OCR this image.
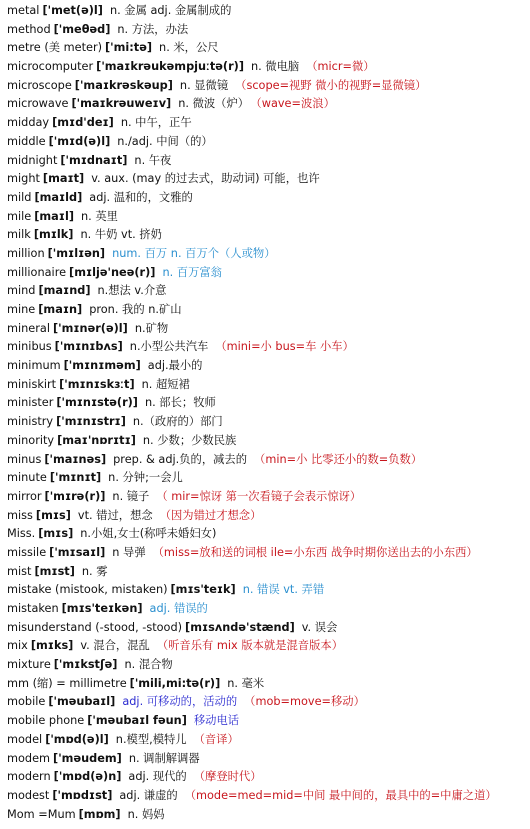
metal ['met(ə)l] n. 金属 adj. 金属制成的
method ['meθəd] n. 方法，办法
metre (美 meter) ['mi:tə] n. 米，公尺
microcomputer ['maɪkrəukəmpjuːtə(r)] n. 微电脑 （micr=微）
microscope ['maɪkrəskəup] n. 显微镜 （scope=视野 微小的视野=显微镜）
microwave ['maɪkrəuweɪv] n. 微波（炉） （wave=波浪）
midday [mɪd'deɪ] n. 中午，正午
middle ['mɪd(ə)l] n./adj. 中间（的）
midnight ['mɪdnaɪt] n. 午夜
might [maɪt] v. aux. (may 的过去式，助动词) 可能，也许
mild [maɪld] adj. 温和的，文雅的
mile [maɪl] n. 英里
milk [mɪlk] n. 牛奶 vt. 挤奶
million ['mɪlɪən] num. 百万 n. 百万个（人或物）
millionaire [mɪljə'neə(r)] n. 百万富翁
mind [maɪnd] n.想法 v.介意
mine [maɪn] pron. 我的 n.矿山
mineral ['mɪnər(ə)l] n.矿物
minibus ['mɪnɪbʌs] n.小型公共汽车 （mini=小 bus=车 小车）
minimum ['mɪnɪməm] adj.最小的
miniskirt ['mɪnɪskɜːt] n. 超短裙
minister ['mɪnɪstə(r)] n. 部长；牧师
ministry ['mɪnɪstrɪ] n.（政府的）部门
minority [maɪ'nɒrɪtɪ] n. 少数；少数民族
minus ['maɪnəs] prep. & adj.负的，减去的 （min=小 比零还小的数=负数）
minute ['mɪnɪt] n. 分钟;一会儿
mirror ['mɪrə(r)] n. 镜子 （ mir=惊讶 第一次看镜子会表示惊讶）
miss [mɪs] vt. 错过，想念 （因为错过才想念）
Miss. [mɪs] n.小姐,女士(称呼未婚妇女)
missile ['mɪsaɪl] n 导弹 （miss=放和送的词根 ile=小东西 战争时期你送出去的小东西）
mist [mɪst] n. 雾
mistake (mistook, mistaken) [mɪs'teɪk] n. 错误 vt. 弄错
mistaken [mɪs'teɪkən] adj. 错误的
misunderstand (-stood, -stood) [mɪsʌndə'stænd] v. 误会
mix [mɪks] v. 混合，混乱 （听音乐有 mix 版本就是混音版本）
mixture ['mɪkstʃə] n. 混合物
mm (缩) = millimetre ['mili,mi:tə(r)] n. 毫米
mobile ['məubaɪl] adj. 可移动的，活动的 （mob=move=移动）
mobile phone ['məubaɪl fəun] 移动电话
model ['mɒd(ə)l] n.模型,模特儿 （音译）
modem ['məudem] n. 调制解调器
modern ['mɒd(ə)n] adj. 现代的 （摩登时代）
modest ['mɒdɪst] adj. 谦虚的 （mode=med=mid=中间 最中间的，最具中的=中庸之道）
Mom =Mum [mɒm] n. 妈妈
